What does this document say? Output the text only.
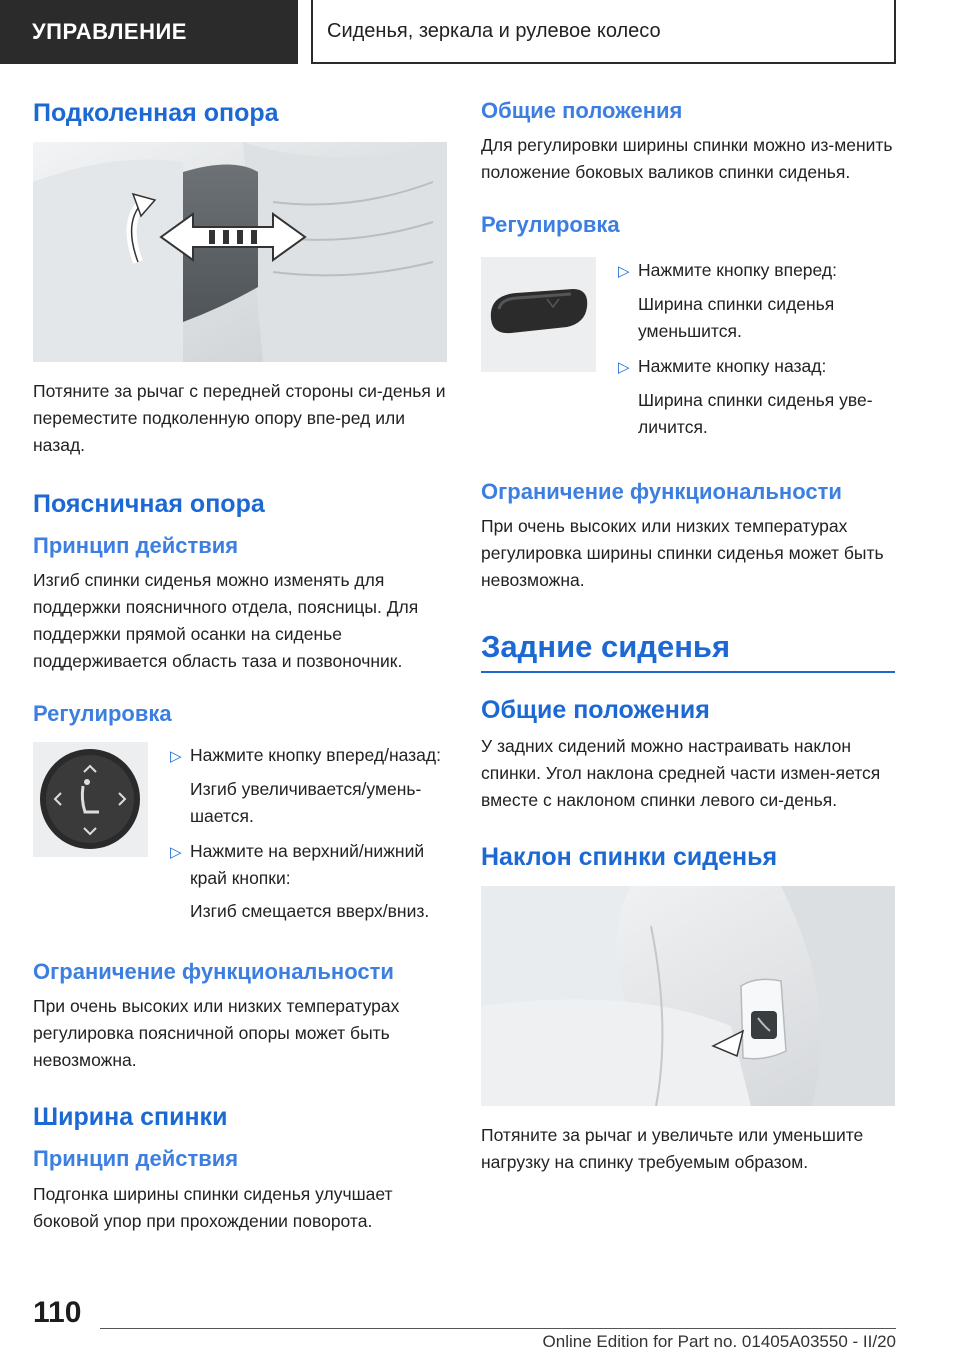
УПРАВЛЕНИЕ	Сиденья, зеркала и рулевое колесо
Подколенная опора

Потяните за рычаг с передней стороны си-денья и переместите подколенную опору впе-ред или назад.

Поясничная опора
Принцип действия

Изгиб спинки сиденья можно изменять для поддержки поясничного отдела, поясницы. Для поддержки прямой осанки на сиденье поддерживается область таза и позвоночник.

Регулировка
▷ Нажмите кнопку вперед/назад:
Изгиб увеличивается/умень-шается.
▷ Нажмите на верхний/нижний край кнопки:
Изгиб смещается вверх/вниз.
Ограничение функциональности

При очень высоких или низких температурах регулировка поясничной опоры может быть невозможна.

Ширина спинки
Принцип действия

Подгонка ширины спинки сиденья улучшает боковой упор при прохождении поворота.

Общие положения

Для регулировки ширины спинки можно из-менить положение боковых валиков спинки сиденья.

Регулировка
▷ Нажмите кнопку вперед:
Ширина спинки сиденья уменьшится.
▷ Нажмите кнопку назад:
Ширина спинки сиденья уве-личится.
Ограничение функциональности

При очень высоких или низких температурах регулировка ширины спинки сиденья может быть невозможна.

Задние сиденья
Общие положения

У задних сидений можно настраивать наклон спинки. Угол наклона средней части измен-яется вместе с наклоном спинки левого си-денья.

Наклон спинки сиденья

Потяните за рычаг и увеличьте или уменьшите нагрузку на спинку требуемым образом.

110
Online Edition for Part no. 01405A03550 - II/20
